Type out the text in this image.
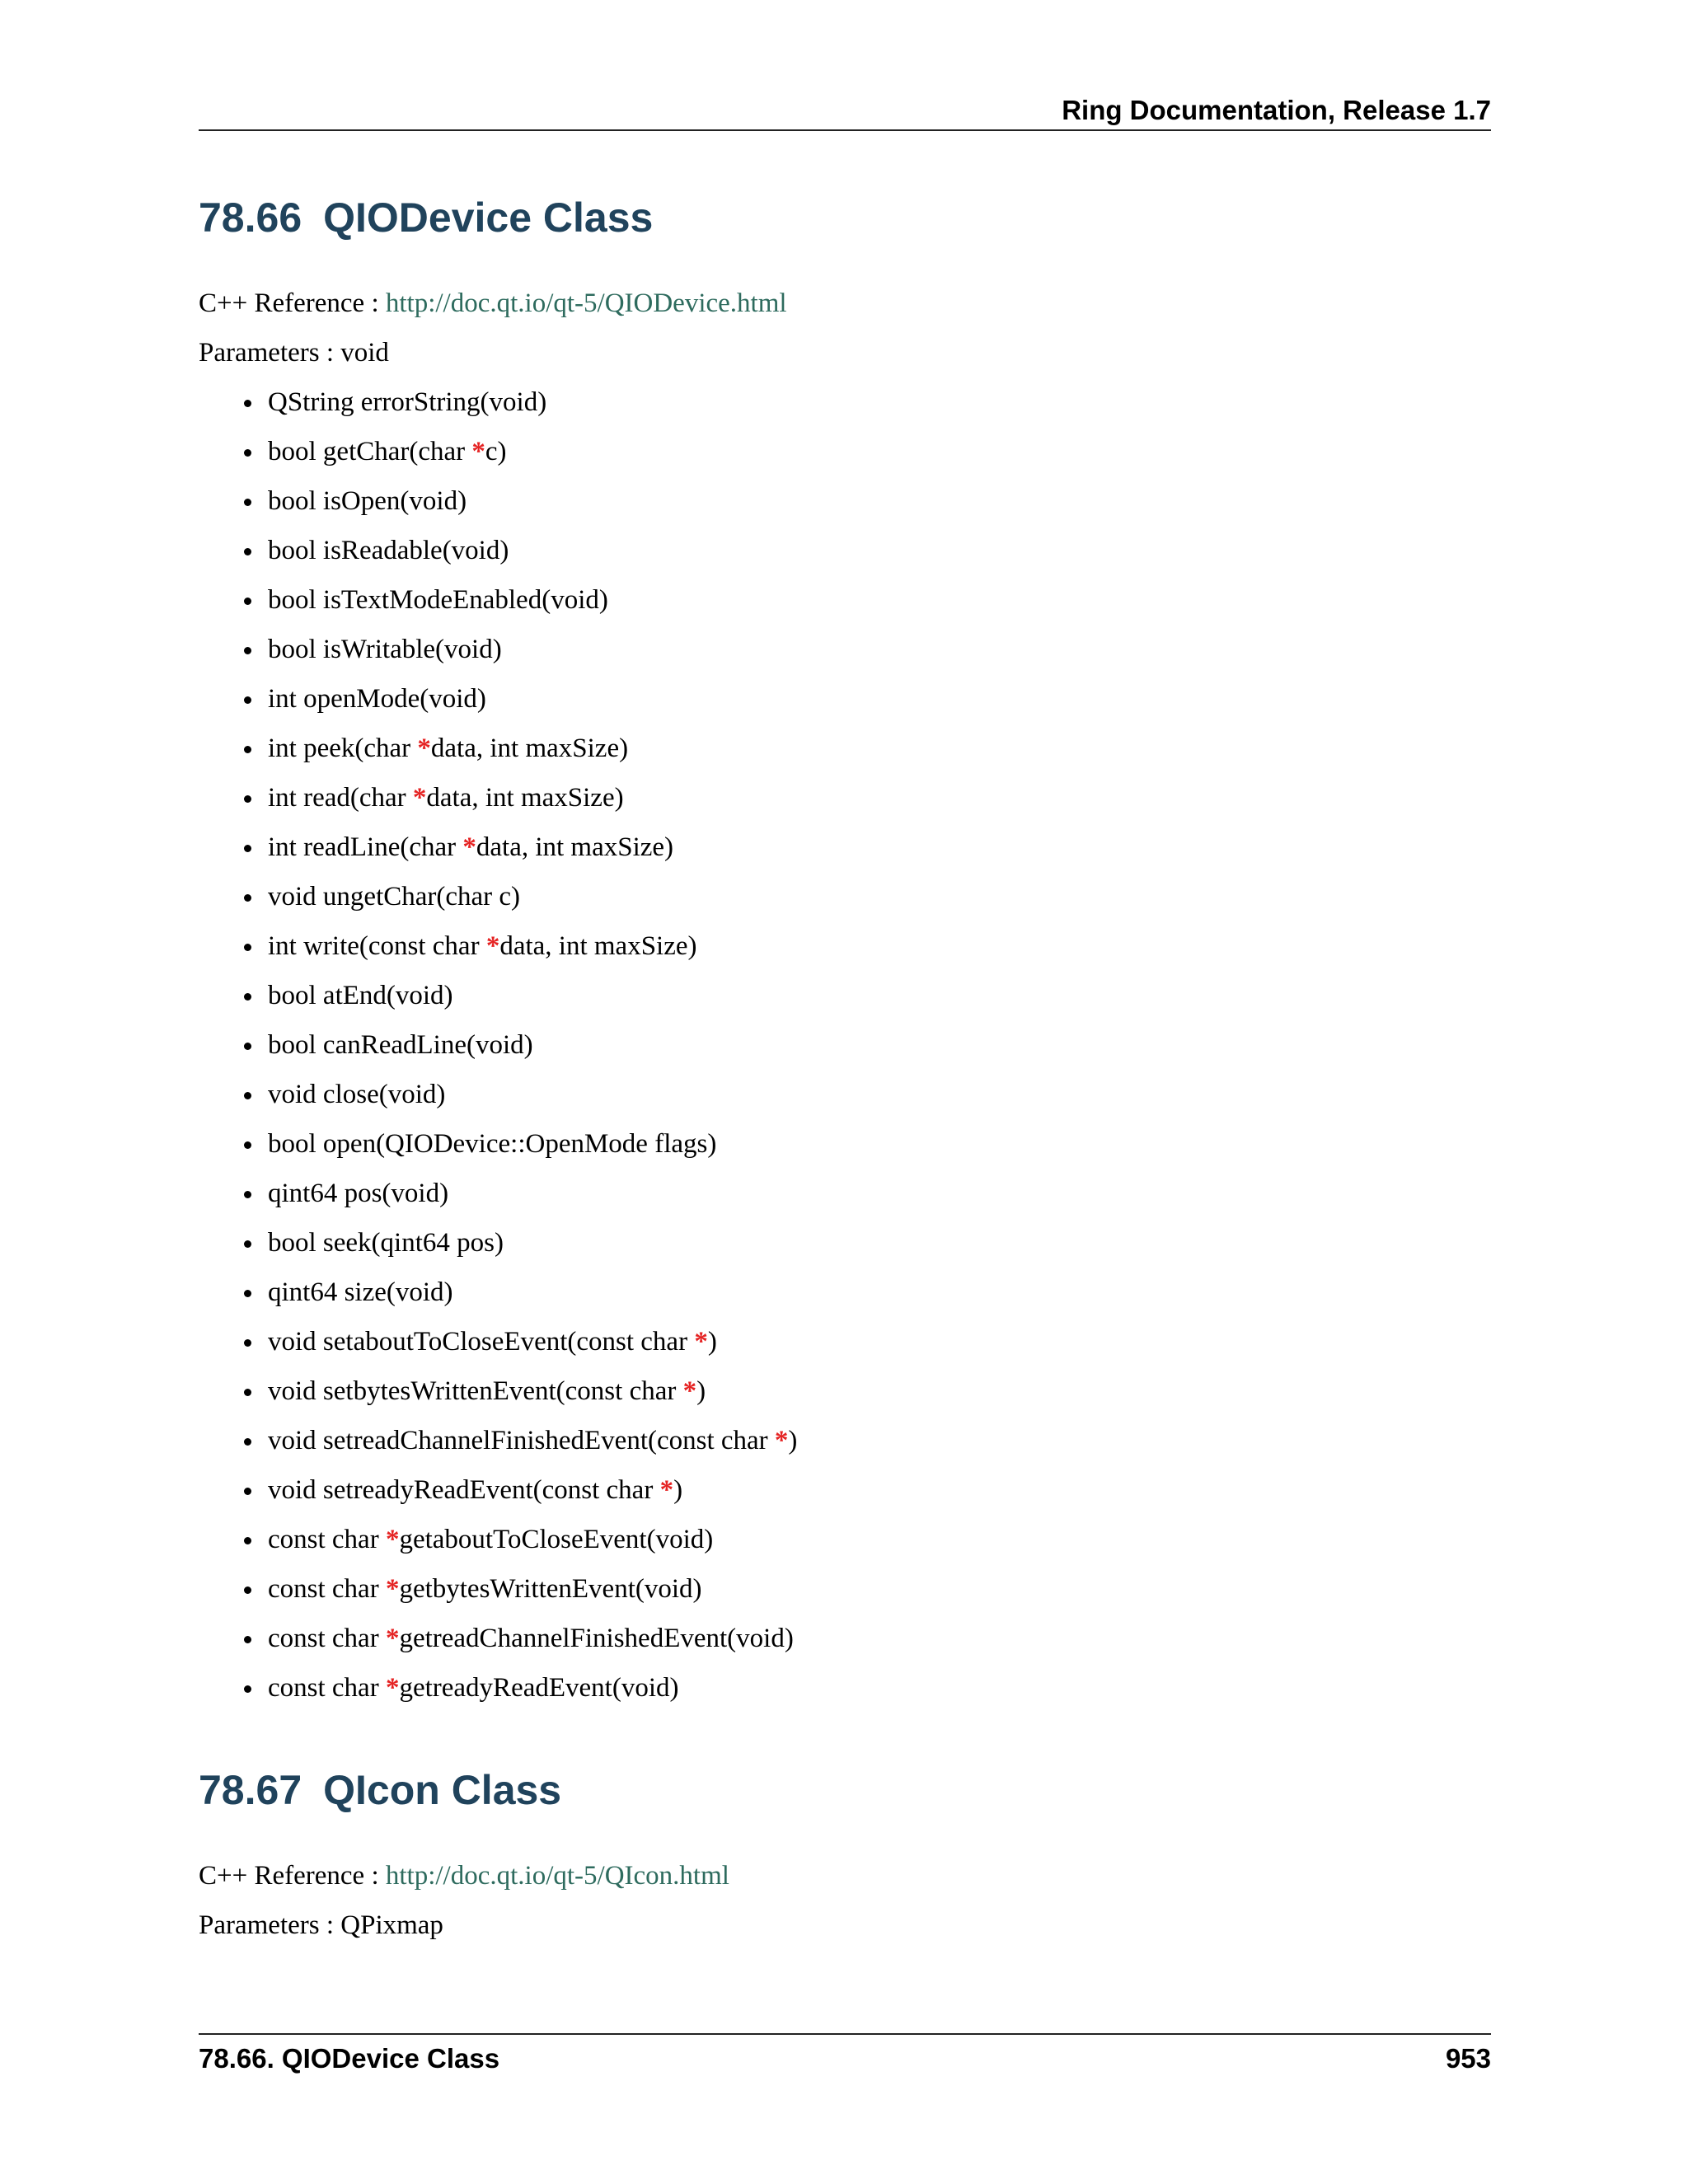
Ring Documentation, Release 1.7
78.66 QIODevice Class
C++ Reference : http://doc.qt.io/qt-5/QIODevice.html
Parameters : void
QString errorString(void)
bool getChar(char *c)
bool isOpen(void)
bool isReadable(void)
bool isTextModeEnabled(void)
bool isWritable(void)
int openMode(void)
int peek(char *data, int maxSize)
int read(char *data, int maxSize)
int readLine(char *data, int maxSize)
void ungetChar(char c)
int write(const char *data, int maxSize)
bool atEnd(void)
bool canReadLine(void)
void close(void)
bool open(QIODevice::OpenMode flags)
qint64 pos(void)
bool seek(qint64 pos)
qint64 size(void)
void setaboutToCloseEvent(const char *)
void setbytesWrittenEvent(const char *)
void setreadChannelFinishedEvent(const char *)
void setreadyReadEvent(const char *)
const char *getaboutToCloseEvent(void)
const char *getbytesWrittenEvent(void)
const char *getreadChannelFinishedEvent(void)
const char *getreadyReadEvent(void)
78.67 QIcon Class
C++ Reference : http://doc.qt.io/qt-5/QIcon.html
Parameters : QPixmap
78.66. QIODevice Class	953
